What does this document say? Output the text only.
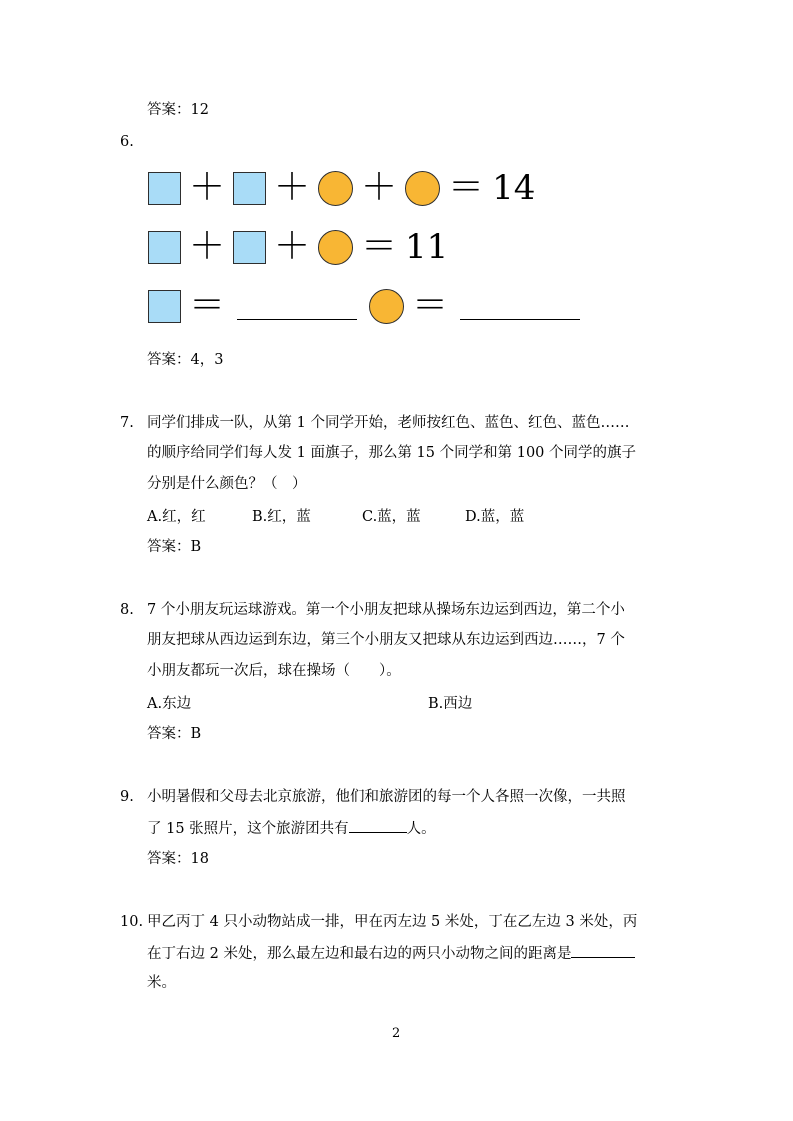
答案：12
6.
＋ ＋ ＋ ＝ 14
＋ ＋ ＝ 11
＝	＝
答案：4，3
7. 同学们排成一队，从第 1 个同学开始，老师按红色、蓝色、红色、蓝色……
的顺序给同学们每人发 1 面旗子，那么第 15 个同学和第 100 个同学的旗子
分别是什么颜色？（　）
A.红，红	B.红，蓝	C.蓝，蓝	D.蓝，蓝
答案：B
8. 7 个小朋友玩运球游戏。第一个小朋友把球从操场东边运到西边，第二个小
朋友把球从西边运到东边，第三个小朋友又把球从东边运到西边……，7 个
小朋友都玩一次后，球在操场（　　）。
A.东边	B.西边
答案：B
9. 小明暑假和父母去北京旅游，他们和旅游团的每一个人各照一次像，一共照
了 15 张照片，这个旅游团共有	人。
答案：18
10. 甲乙丙丁 4 只小动物站成一排，甲在丙左边 5 米处，丁在乙左边 3 米处，丙
在丁右边 2 米处，那么最左边和最右边的两只小动物之间的距离是
米。
2
